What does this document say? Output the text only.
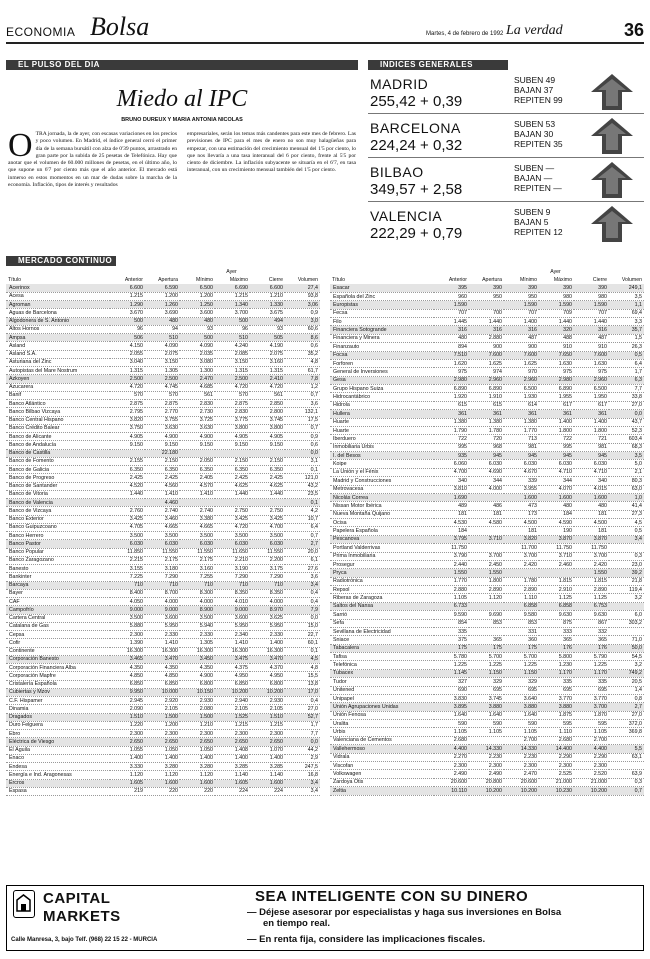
ECONOMIA Bolsa	Martes, 4 de febrero de 1992 La verdad	36
EL PULSO DEL DIA
Miedo al IPC
BRUNO DUREUX Y MARIA ANTONIA NICOLAS
OTRA jornada, la de ayer, con escasas variaciones en los precios y poco volumen. En Madrid, el índice general cerró el primer día de la semana bursátil con alza de 0'39 puntos, arrastrado en gran parte por la subida de 25 pesetas de Telefónica. Hay que anotar que el volumen de 60.000 millones de pesetas, en el último año, lo que supone un 6'7 por ciento más que el año anterior. El mercado está inmerso en estos momentos en un mar de dudas sobre la marcha de la economía. Inflación, tipos de interés y resultados
empresariales, serán los temas más candentes para este mes de febrero. Las previsiones de IPC para el mes de enero no son muy halagüeñas para empezar, con una estimación del crecimiento mensual del 1'5 por ciento, lo que nos llevaría a una tasa interanual del 6 por ciento, frente al 5'5 por ciento de diciembre. La inflación subyacente se situaría en el 6'7, en tasa interanual, con un crecimiento mensual también del 1'5 por ciento.
INDICES GENERALES
MADRID
255,42 + 0,39
SUBEN 49
BAJAN 37
REPITEN 99
BARCELONA
224,24 + 0,32
SUBEN 53
BAJAN 30
REPITEN 35
BILBAO
349,57 + 2,58
SUBEN —
BAJAN —
REPITEN —
VALENCIA
222,29 + 0,79
SUBEN 9
BAJAN 5
REPITEN 12
MERCADO CONTINUO
		Ayer				
Título	Anterior	Apertura	Mínimo	Máximo	Cierre	Volumen
Acerinox	6.600	6.590	6.500	6.690	6.600	27,4
Acesa	1.215	1.200	1.200	1.215	1.210	93,8
Agroman	1.290	1.260	1.250	1.340	1.330	3,06
Aguas de Barcelona	3.670	3.690	3.600	3.700	3.675	0,9
Algodonera de S. Antonio	500	480	480	500	494	3,0
Altos Hornos	96	94	93	96	93	60,6
Ampsa	506	510	500	510	505	8,6
Asland	4.150	4.090	4.090	4.240	4.190	0,6
Asland S.A.	2.055	2.075	2.035	2.085	2.075	35,2
Asturiana del Zinc	3.040	3.150	3.080	3.150	3.160	4,8
Autopistas del Mare Nostrum	1.315	1.305	1.300	1.315	1.315	61,7
Azkoyen	2.500	2.500	2.470	2.500	2.410	7,8
Azucarera	4.720	4.745	4.685	4.720	4.720	1,2
Banif	570	570	561	570	561	0,7
Banco Atlántico	2.875	2.875	2.830	2.875	2.850	3,6
Banco Bilbao Vizcaya	2.795	2.770	2.730	2.830	2.800	132,1
Banco Central Hispano	3.820	3.755	3.725	3.775	3.745	17,5
Banco Crédito Balear	3.750	3.630	3.630	3.800	3.800	0,7
Banco de Alicante	4.905	4.900	4.900	4.905	4.905	0,9
Banco de Andalucía	9.150	9.150	9.150	9.150	9.150	0,6
Banco de Castilla		22.180				0,0
Banco de Fomento	2.155	2.150	2.050	2.150	2.150	3,1
Banco de Galicia	6.350	6.350	6.350	6.350	6.350	0,1
Banco de Progreso	2.425	2.425	2.405	2.425	2.425	121,0
Banco de Santander	4.520	4.560	4.570	4.625	4.625	43,2
Banco de Vitoria	1.440	1.410	1.410	1.440	1.440	23,5
Banco de Valencia		4.460				0,1
Banco de Vizcaya	2.760	2.740	2.740	2.750	2.750	4,2
Banco Exterior	3.425	3.460	3.380	3.425	3.425	10,7
Banco Guipuzcoano	4.705	4.665	4.665	4.720	4.700	6,4
Banco Herrero	3.500	3.500	3.500	3.500	3.500	0,7
Banco Pastor	6.030	6.030	6.030	6.030	6.030	2,7
Banco Popular	11.850	11.550	11.550	11.650	11.550	20,0
Banco Zaragozano	2.215	2.175	2.175	2.210	2.200	6,1
Banesto	3.155	3.180	3.160	3.190	3.175	27,6
Bankinter	7.225	7.290	7.255	7.290	7.290	3,6
Barcaya	710	710	710	710	710	3,4
Bayer	8.400	8.700	8.300	8.350	8.350	0,4
CAF	4.050	4.000	4.000	4.010	4.000	0,4
Campofrío	9.000	9.000	8.900	9.000	8.970	7,9
Cartera Central	3.500	3.600	3.500	3.600	3.625	0,0
Catalana de Gas	5.880	5.950	5.940	5.950	5.950	15,0
Cepsa	2.300	2.330	2.330	2.340	2.330	22,7
Cofir	1.390	1.410	1.305	1.410	1.400	60,1
Continente	16.300	16.300	16.300	16.300	16.300	0,1
Corporación Banesto	3.465	3.470	3.450	3.475	3.470	4,5
Corporación Financiera Alba	4.350	4.350	4.350	4.375	4.370	4,8
Corporación Mapfre	4.850	4.850	4.900	4.950	4.950	15,5
Cristalería Española	6.850	6.850	6.800	6.850	6.800	13,8
Cubiertas y Mzov	9.950	10.000	10.150	10.200	10.200	17,0
C.F. Hispamer	2.945	2.920	2.930	2.940	2.930	0,4
Dinamia	2.090	2.105	2.080	2.105	2.105	27,0
Dragados	1.510	1.500	1.500	1.525	1.510	52,7
Duro Felguera	1.220	1.200	1.210	1.215	1.215	1,7
Ebro	2.300	2.300	2.300	2.300	2.300	7,7
Eléctrica de Viesgo	2.650	2.650	2.650	2.650	2.650	0,0
El Águila	1.055	1.050	1.050	1.408	1.070	44,2
Enaco	1.400	1.400	1.400	1.400	1.400	2,9
Endesa	3.330	3.280	3.280	3.285	3.285	247,5
Energía e Ind. Aragonesas	1.120	1.120	1.120	1.140	1.140	16,8
Ercros	1.605	1.600	1.600	1.605	1.600	3,4
Espasa	219	220	220	224	224	3,4
		Ayer				
Título	Anterior	Apertura	Mínimo	Máximo	Cierre	Volumen
Esacar	395	390	390	390	390	249,1
Española del Zinc	960	950	950	980	980	3,5
Europistas	1.590		1.590	1.590	1.590	1,1
Fecsa	707	700	707	709	707	69,4
Filo	1.445	1.440	1.400	1.440	1.440	3,3
Financiera Sotogrande	316	316	316	320	316	35,7
Financiera y Minera	480	2.880	487	488	487	1,5
Finanzauto	894	900	900	910	910	26,3
Focsa	7.510	7.600	7.600	7.650	7.600	0,5
Forforen	1.620	1.625	1.625	1.630	1.630	6,4
General de Inversiones	975	974	970	975	975	1,7
Gesa	2.980	2.960	2.960	2.980	2.960	6,3
Grupo Hispano Suiza	6.890	6.890	6.500	6.890	6.500	7,7
Hidrocantábrico	1.920	1.910	1.930	1.955	1.950	33,8
Hidrola	615	615	614	617	617	27,0
Hullera	361	361	361	361	361	0,0
Huarte	1.380	1.380	1.380	1.400	1.400	43,7
Huarte	1.790	1.780	1.770	1.800	1.800	52,3
Iberduero	722	720	713	722	721	603,4
Inmobiliaria Urbis	995	968	981	995	981	68,3
I. del Besos	935	945	945	945	945	3,5
Koipe	6.060	6.030	6.030	6.030	6.030	5,0
La Unión y el Fénix	4.700	4.690	4.670	4.710	4.710	2,1
Madrid y Construcciones	340	344	339	344	340	80,3
Metrovacesa	3.810	4.000	3.955	4.070	4.015	63,0
Nicolás Correa	1.690		1.600	1.600	1.600	1,0
Nissan Motor Ibérica	489	486	473	480	480	41,4
Nueva Montaña Quijano	181	181	173	184	181	27,3
Ocisa	4.530	4.580	4.500	4.590	4.500	4,5
Papelera Española	184		181	190	181	0,5
Pescanova	3.795	3.710	3.820	3.870	3.870	3,4
Portland Valderrivas	11.750		11.700	11.750	11.750	
Prima Inmobiliaria	3.790	3.700	3.700	3.710	3.700	0,3
Prosegur	2.440	2.450	2.420	2.460	2.420	23,0
Pryca	1.550	1.550			1.550	39,2
Radiotrónica	1.770	1.800	1.780	1.815	1.815	21,8
Repsol	2.880	2.890	2.890	2.910	2.890	119,4
Riberas de Zaragoza	1.105	1.120	1.110	1.125	1.125	3,2
Saltos del Nansa	6.733		6.858	6.858	6.753	
Sarrió	9.590	9.690	9.580	9.630	9.630	6,0
Sefa	854	853	853	875	867	303,2
Sevillana de Electricidad	335		331	333	332	
Sniace	375	365	360	365	365	71,0
Tabacalera	175	175	175	176	176	50,0
Tafisa	5.780	5.700	5.700	5.800	5.790	54,5
Telefónica	1.225	1.225	1.225	1.230	1.225	3,2
Tubacex	1.145	1.150	1.150	1.170	1.170	749,2
Tudor	327	329	329	335	335	20,5
Unitened	690	695	695	695	695	1,4
Unipapel	3.830	3.745	3.640	3.770	3.770	0,8
Unión Agrupaciones Unidas	3.895	3.880	3.880	3.880	3.700	2,7
Unión Fenosa	1.640	1.640	1.640	1.875	1.870	27,0
Uralita	590	590	590	595	595	372,0
Urbis	1.105	1.105	1.105	1.110	1.105	369,8
Valenciana de Cementos	2.680		2.700	2.680	2.700	
Vallehermoso	4.400	14.330	14.330	14.400	4.400	5,5
Vidrala	2.270	2.230	2.230	2.290	2.290	63,1
Viscofan	2.300	2.300	2.300	2.300	2.300	
Volkswagen	2.490	2.490	2.470	2.525	2.520	63,9
Zardoya Otis	20.600	20.800	20.600	21.000	21.000	0,3
Zeltia	10.110	10.200	10.200	10.230	10.200	0,7
CAPITAL
MARKETS
Calle Manresa, 3, bajo Telf. (968) 22 15 22 - MURCIA
SEA INTELIGENTE CON SU DINERO
— Déjese asesorar por especialistas y haga sus inversiones en Bolsa
en tiempo real.
— En renta fija, considere las implicaciones fiscales.
